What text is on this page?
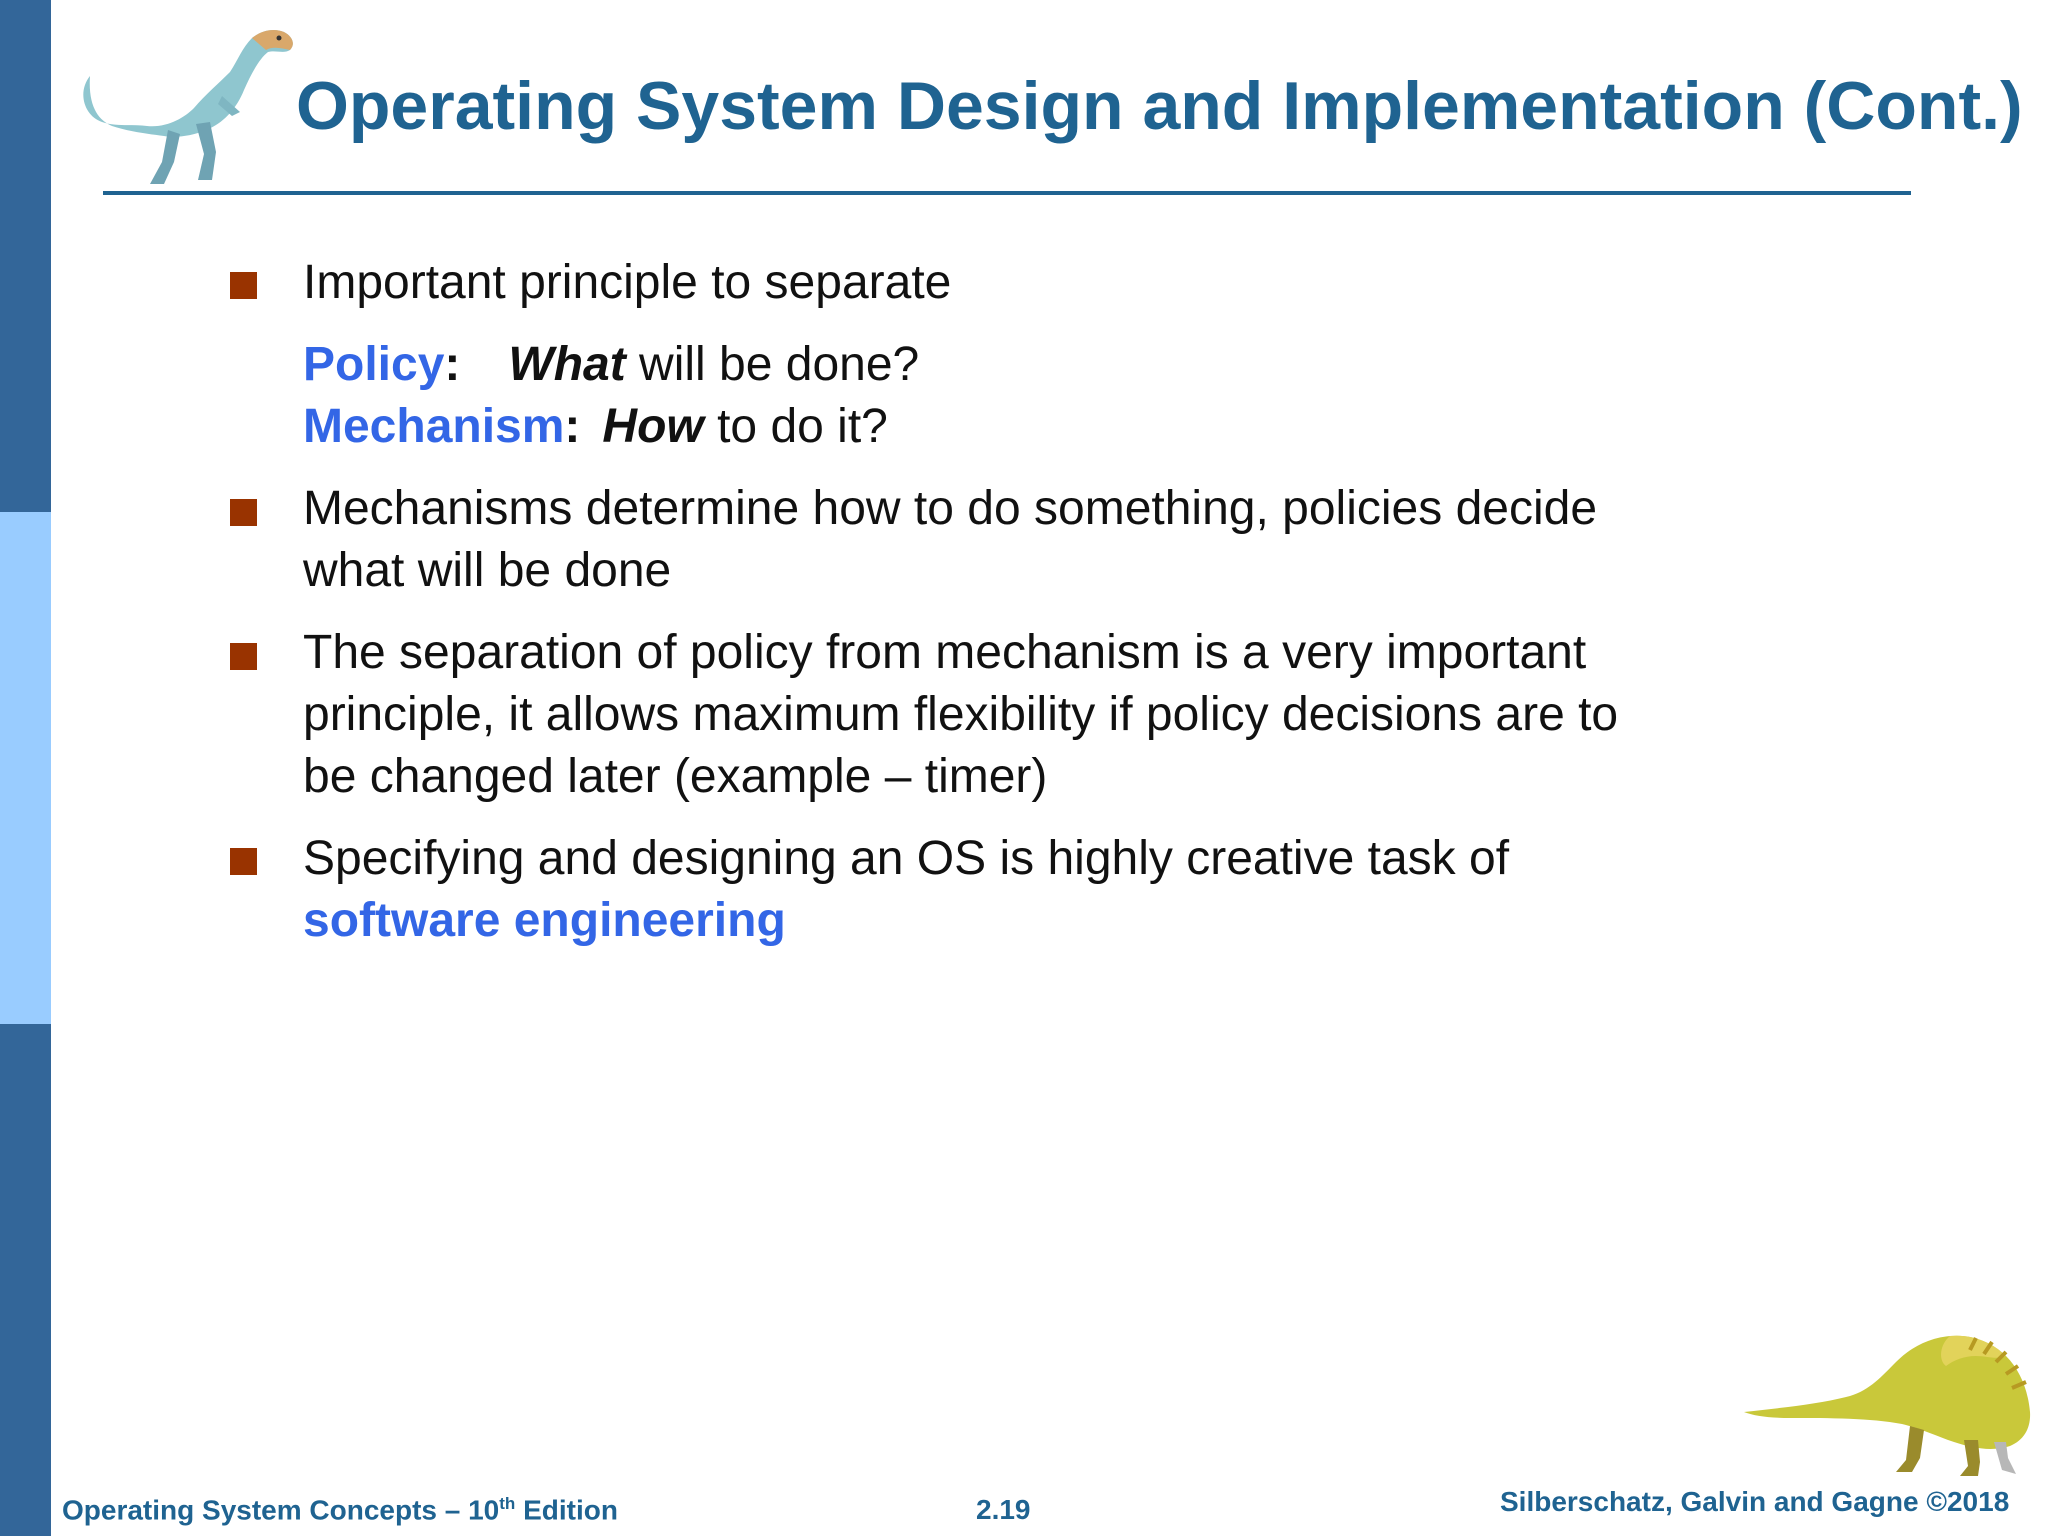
Operating System Design and Implementation (Cont.)
Important principle to separate
Policy: What will be done?
Mechanism: How to do it?
Mechanisms determine how to do something, policies decide
what will be done
The separation of policy from mechanism is a very important
principle, it allows maximum flexibility if policy decisions are to
be changed later (example – timer)
Specifying and designing an OS is highly creative task of
software engineering
Operating System Concepts – 10th Edition	2.19	Silberschatz, Galvin and Gagne ©2018
